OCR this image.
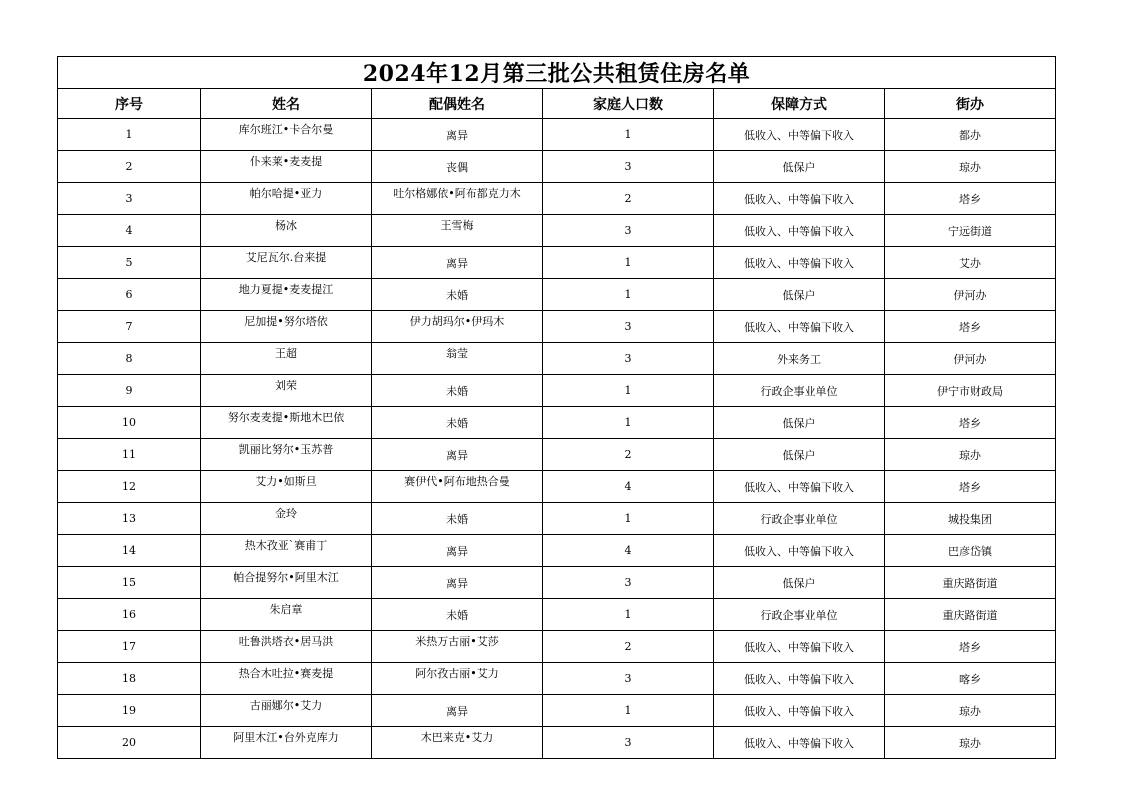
2024年12月第三批公共租赁住房名单					
序号	姓名	配偶姓名	家庭人口数	保障方式	街办
1	库尔班江•卡合尔曼	离异	1	低收入、中等偏下收入	都办
2	仆来莱•麦麦提	丧偶	3	低保户	琼办
3	帕尔哈提•亚力	吐尔格娜依•阿布都克力木	2	低收入、中等偏下收入	塔乡
4	杨冰	王雪梅	3	低收入、中等偏下收入	宁远街道
5	艾尼瓦尔.台来提	离异	1	低收入、中等偏下收入	艾办
6	地力夏提•麦麦提江	未婚	1	低保户	伊河办
7	尼加提•努尔塔依	伊力胡玛尔•伊玛木	3	低收入、中等偏下收入	塔乡
8	王超	翁莹	3	外来务工	伊河办
9	刘荣	未婚	1	行政企事业单位	伊宁市财政局
10	努尔麦麦提•斯地木巴依	未婚	1	低保户	塔乡
11	凯丽比努尔•玉苏普	离异	2	低保户	琼办
12	艾力•如斯旦	赛伊代•阿布地热合曼	4	低收入、中等偏下收入	塔乡
13	金玲	未婚	1	行政企事业单位	城投集团
14	热木孜亚`赛甫丁	离异	4	低收入、中等偏下收入	巴彦岱镇
15	帕合提努尔•阿里木江	离异	3	低保户	重庆路街道
16	朱启章	未婚	1	行政企事业单位	重庆路街道
17	吐鲁洪塔衣•居马洪	米热万古丽•艾莎	2	低收入、中等偏下收入	塔乡
18	热合木吐拉•赛麦提	阿尔孜古丽•艾力	3	低收入、中等偏下收入	喀乡
19	古丽娜尔•艾力	离异	1	低收入、中等偏下收入	琼办
20	阿里木江•台外克库力	木巴来克•艾力	3	低收入、中等偏下收入	琼办
